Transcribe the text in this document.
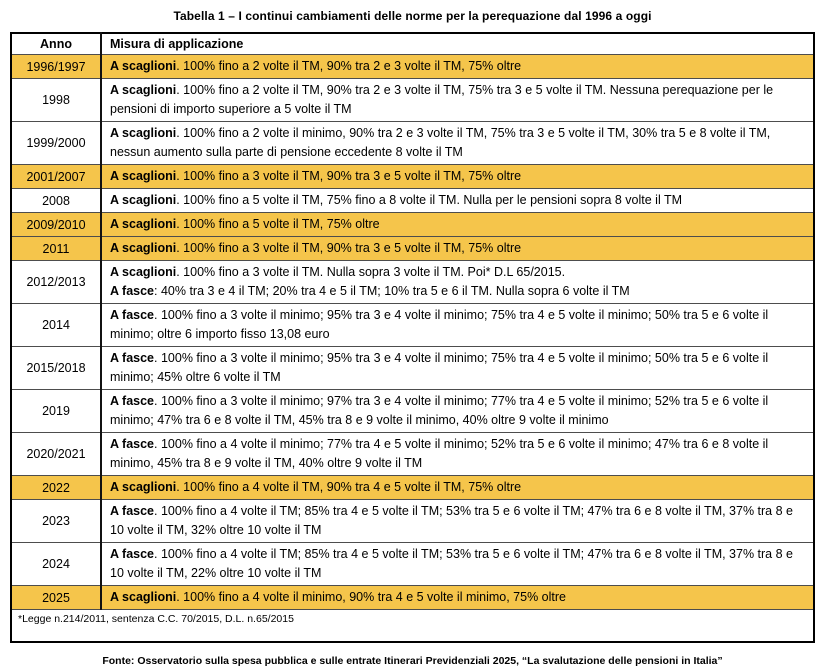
Tabella 1 – I continui cambiamenti delle norme per la perequazione dal 1996 a oggi
Anno	Misura di applicazione
1996/1997	A scaglioni. 100% fino a 2 volte il TM, 90% tra 2 e 3 volte il TM, 75% oltre

1998	A scaglioni. 100% fino a 2 volte il TM, 90% tra 2 e 3 volte il TM, 75% tra 3 e 5 volte il TM. Nessuna perequazione per le pensioni di importo superiore a 5 volte il TM

1999/2000	A scaglioni. 100% fino a 2 volte il minimo, 90% tra 2 e 3 volte il TM, 75% tra 3 e 5 volte il TM, 30% tra 5 e 8 volte il TM, nessun aumento sulla parte di pensione eccedente 8 volte il TM

2001/2007	A scaglioni. 100% fino a 3 volte il TM, 90% tra 3 e 5 volte il TM, 75% oltre

2008	A scaglioni. 100% fino a 5 volte il TM, 75% fino a 8 volte il TM. Nulla per le pensioni sopra 8 volte il TM

2009/2010	A scaglioni. 100% fino a 5 volte il TM, 75% oltre

2011	A scaglioni. 100% fino a 3 volte il TM, 90% tra 3 e 5 volte il TM, 75% oltre

2012/2013	A scaglioni. 100% fino a 3 volte il TM. Nulla sopra 3 volte il TM. Poi* D.L 65/2015.

A fasce: 40% tra 3 e 4 il TM; 20% tra 4 e 5 il TM; 10% tra 5 e 6 il TM. Nulla sopra 6 volte il TM

2014	A fasce. 100% fino a 3 volte il minimo; 95% tra 3 e 4 volte il minimo; 75% tra 4 e 5 volte il minimo; 50% tra 5 e 6 volte il minimo; oltre 6 importo fisso 13,08 euro

2015/2018	A fasce. 100% fino a 3 volte il minimo; 95% tra 3 e 4 volte il minimo; 75% tra 4 e 5 volte il minimo; 50% tra 5 e 6 volte il minimo; 45% oltre 6 volte il TM

2019	A fasce. 100% fino a 3 volte il minimo; 97% tra 3 e 4 volte il minimo; 77% tra 4 e 5 volte il minimo; 52% tra 5 e 6 volte il minimo; 47% tra 6 e 8 volte il TM, 45% tra 8 e 9 volte il minimo, 40% oltre 9 volte il minimo

2020/2021	A fasce. 100% fino a 4 volte il minimo; 77% tra 4 e 5 volte il minimo; 52% tra 5 e 6 volte il minimo; 47% tra 6 e 8 volte il minimo, 45% tra 8 e 9 volte il TM, 40% oltre 9 volte il TM

2022	A scaglioni. 100% fino a 4 volte il TM, 90% tra 4 e 5 volte il TM, 75% oltre

2023	A fasce. 100% fino a 4 volte il TM; 85% tra 4 e 5 volte il TM; 53% tra 5 e 6 volte il TM; 47% tra 6 e 8 volte il TM, 37% tra 8 e 10 volte il TM, 32% oltre 10 volte il TM

2024	A fasce. 100% fino a 4 volte il TM; 85% tra 4 e 5 volte il TM; 53% tra 5 e 6 volte il TM; 47% tra 6 e 8 volte il TM, 37% tra 8 e 10 volte il TM, 22% oltre 10 volte il TM

2025	A scaglioni. 100% fino a 4 volte il minimo, 90% tra 4 e 5 volte il minimo, 75% oltre

*Legge n.214/2011, sentenza C.C. 70/2015, D.L. n.65/2015	
Fonte: Osservatorio sulla spesa pubblica e sulle entrate Itinerari Previdenziali 2025, “La svalutazione delle pensioni in Italia”
